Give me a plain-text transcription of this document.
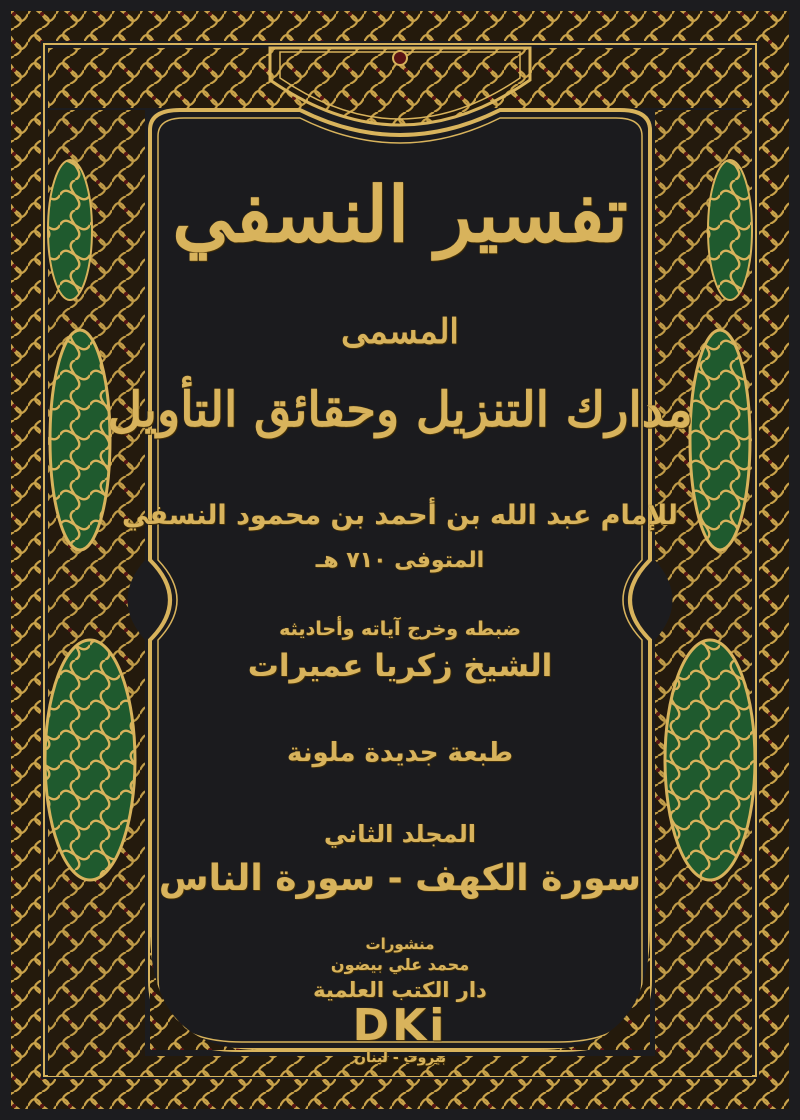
تفسير النسفي
المسمى
مدارك التنزيل وحقائق التأويل
للإمام عبد الله بن أحمد بن محمود النسفي
المتوفى ٧١٠ هـ
ضبطه وخرج آياته وأحاديثه
الشيخ زكريا عميرات
طبعة جديدة ملونة
المجلد الثاني
سورة الكهف - سورة الناس
منشورات
محمد علي بيضون
دار الكتب العلمية
DKi
بيروت - لبنان
